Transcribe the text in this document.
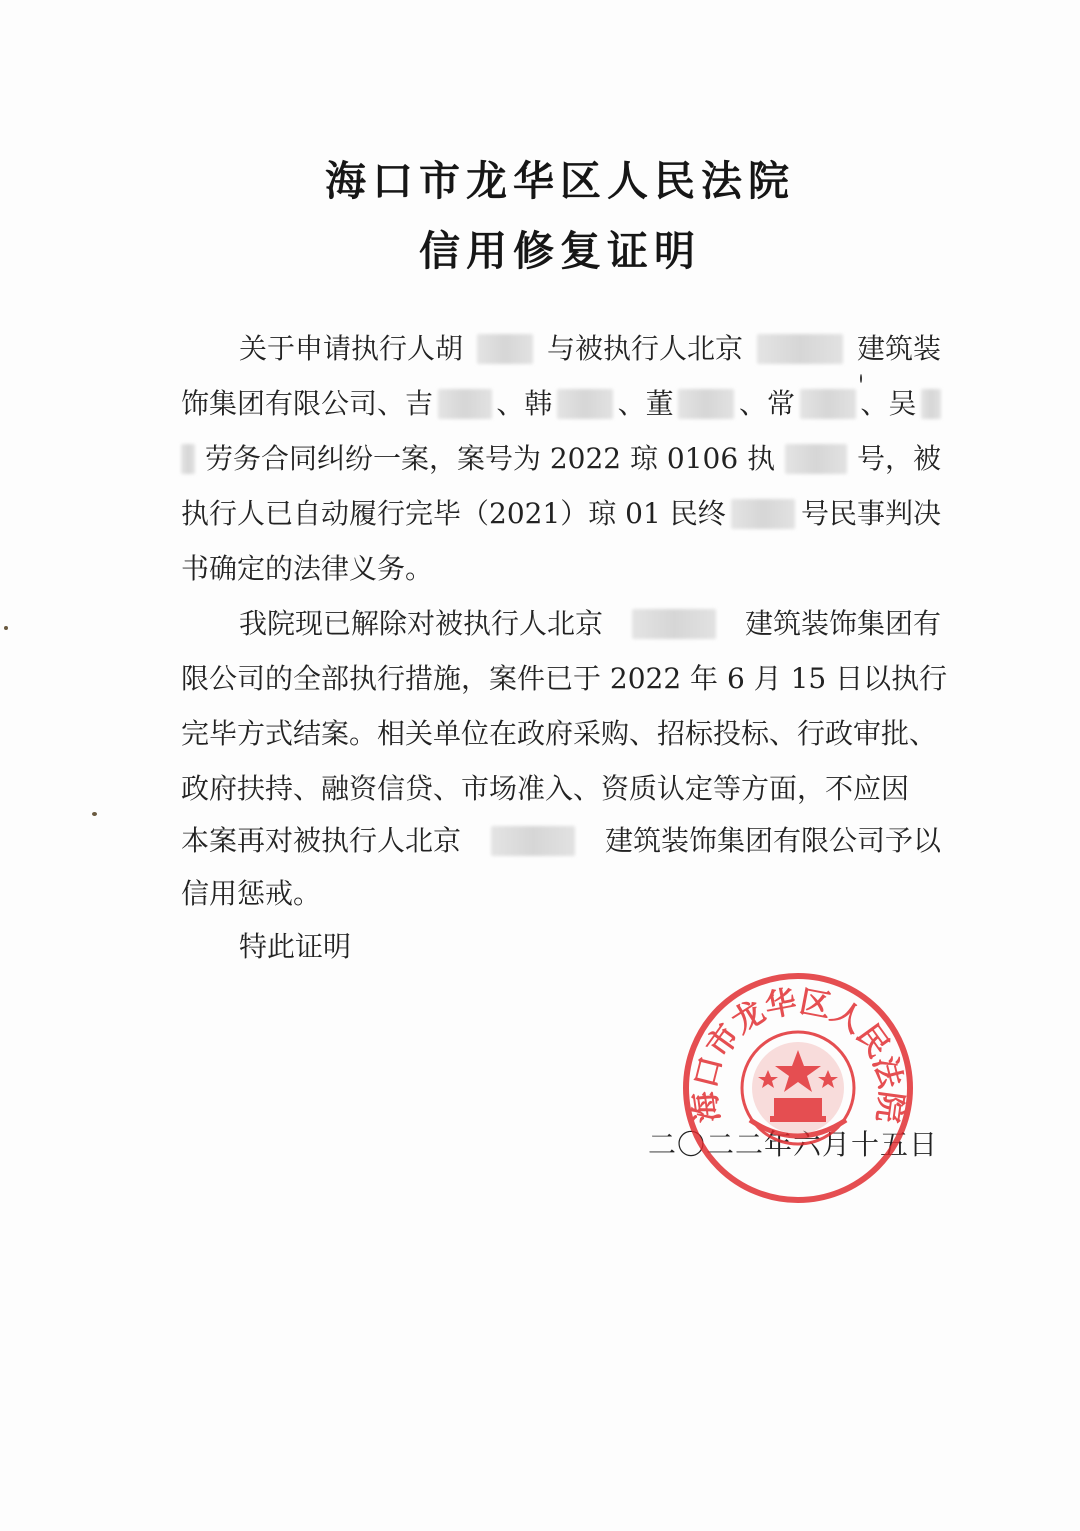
海口市龙华区人民法院
信用修复证明
关于申请执行人胡	与被执行人北京	建筑装
饰集团有限公司、吉 、韩 、董 、常 、吴
劳务合同纠纷一案，案号为 2022 琼 0106 执	号，被
执行人已自动履行完毕（2021）琼 01 民终	号民事判决
书确定的法律义务。
我院现已解除对被执行人北京	建筑装饰集团有
限公司的全部执行措施，案件已于 2022 年 6 月 15 日以执行
完毕方式结案。相关单位在政府采购、招标投标、行政审批、
政府扶持、融资信贷、市场准入、资质认定等方面，不应因
本案再对被执行人北京	建筑装饰集团有限公司予以
信用惩戒。
特此证明
二〇二二年六月十五日
海口市龙华区人民法院
